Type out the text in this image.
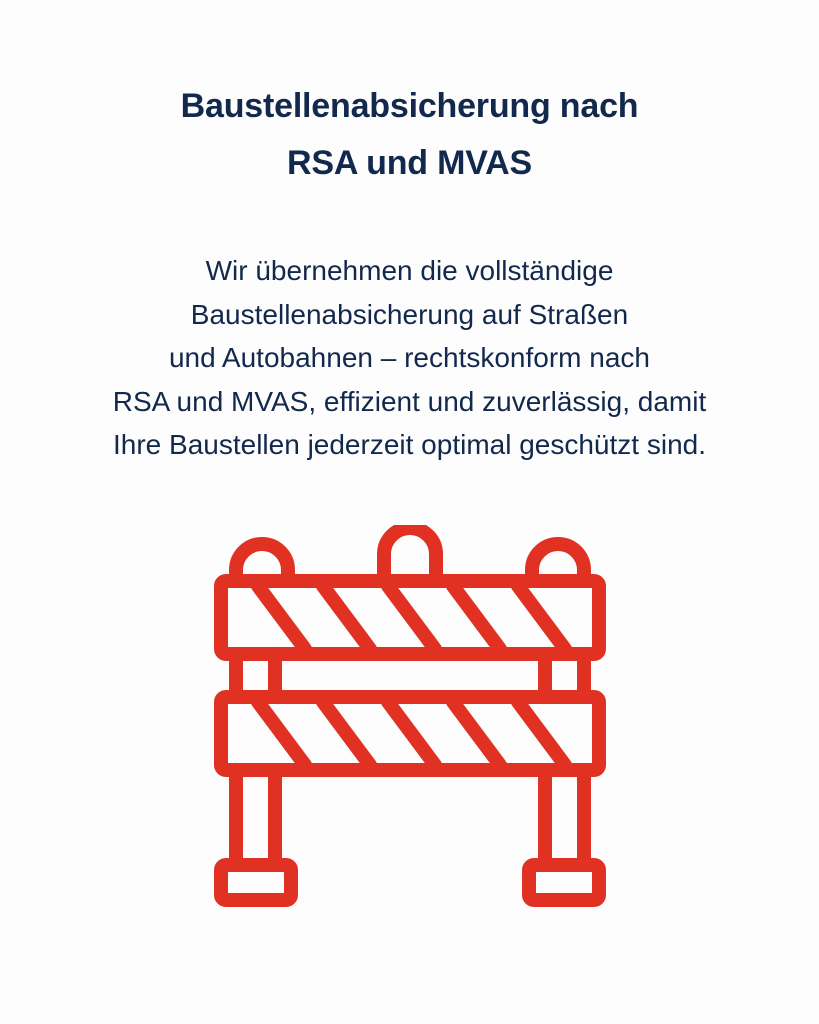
Baustellenabsicherung nach
RSA und MVAS

Wir übernehmen die vollständige
Baustellenabsicherung auf Straßen
und Autobahnen – rechtskonform nach
RSA und MVAS, effizient und zuverlässig, damit
Ihre Baustellen jederzeit optimal geschützt sind.
